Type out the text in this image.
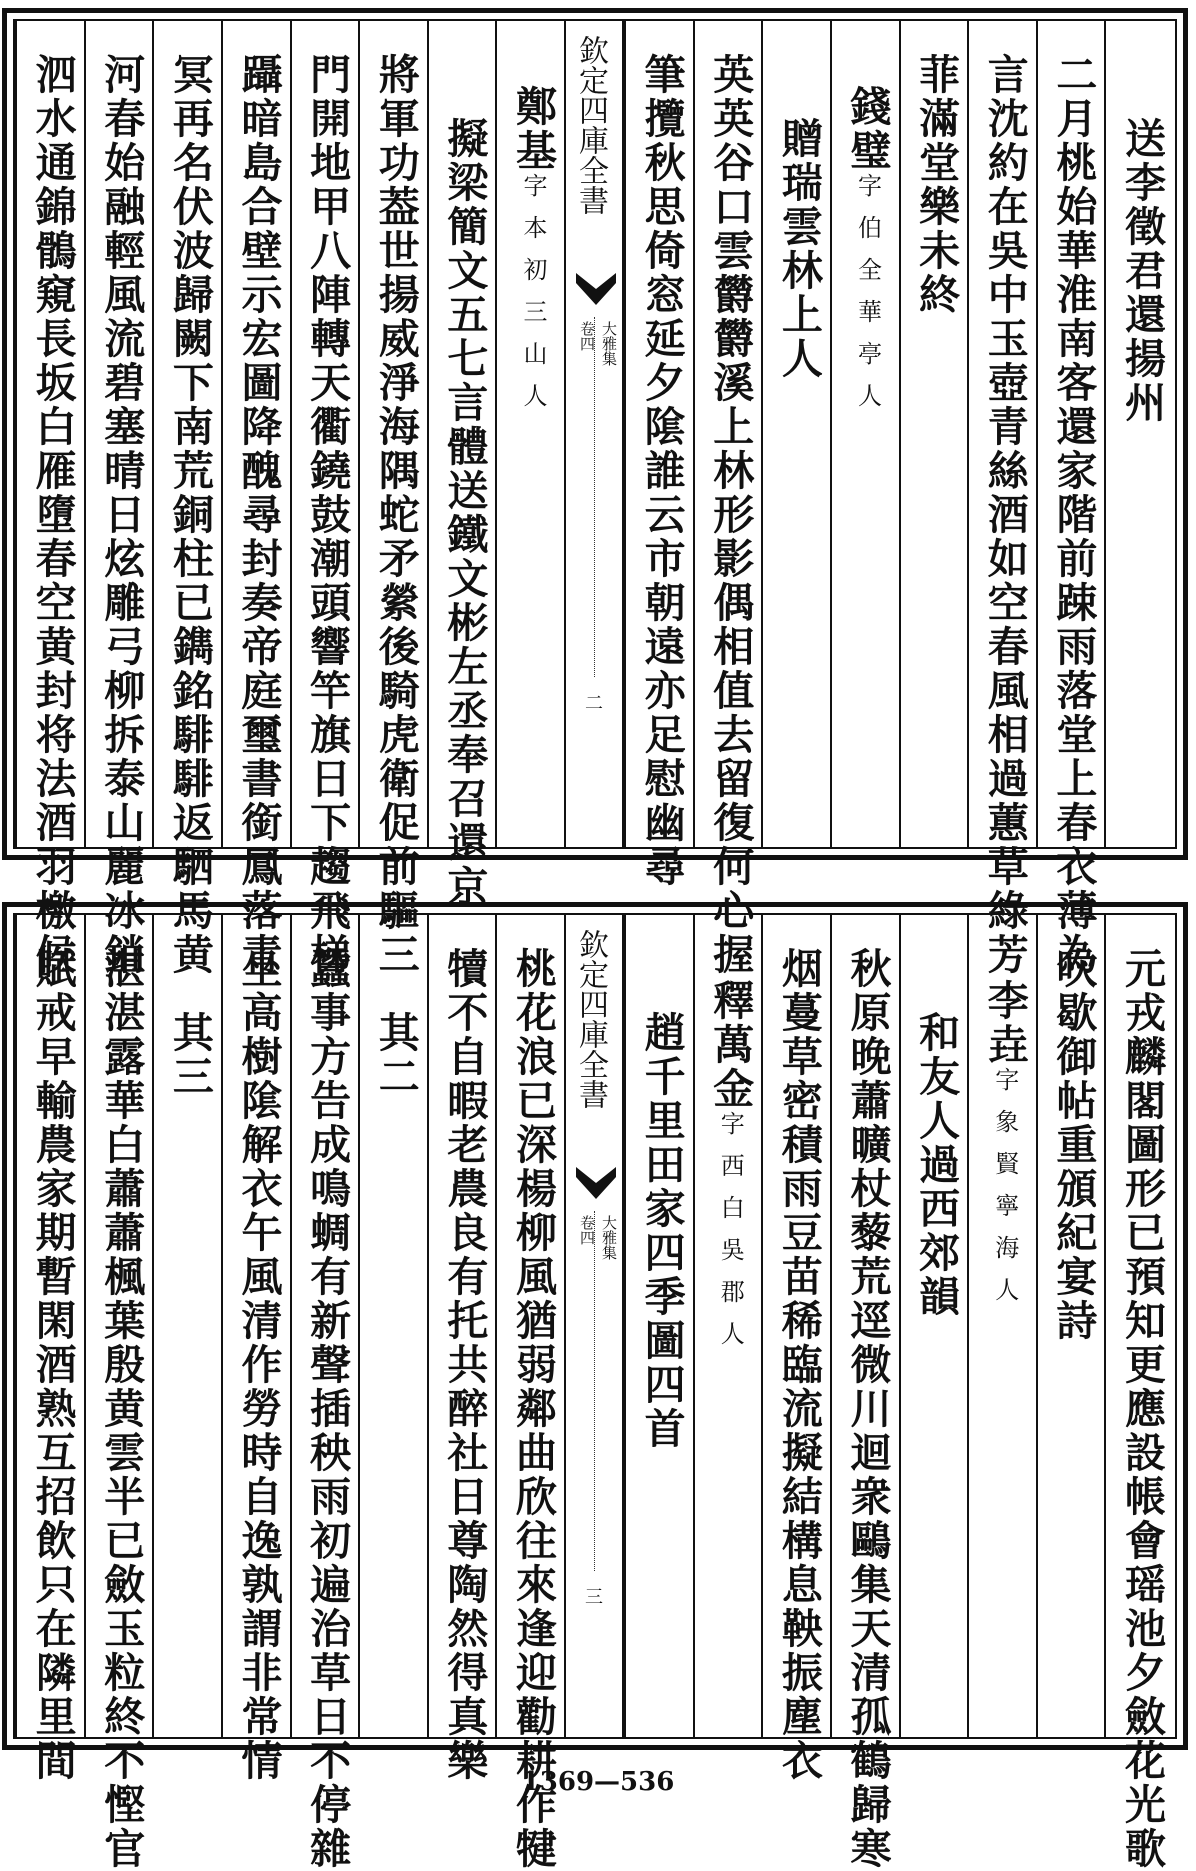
送李徵君還揚州
二月桃始華淮南客還家階前踈雨落堂上春衣薄為
言沈約在吳中玉壺青絲酒如空春風相過蕙草綠芳
菲滿堂樂未終
錢璧字伯全華亭人
贈瑞雲林上人
英英谷口雲欝欝溪上林形影偶相值去留復何心握
筆攬秋思倚窓延夕隂誰云市朝遠亦足慰幽尋
欽定四庫全書
大雅集
卷四
二
鄭基字本初三山人
擬梁簡文五七言體送鐵文彬左丞奉召還京
將軍功葢世揚威淨海隅蛇矛縈後騎虎衛促前驅三
門開地甲八陣轉天衢鐃鼓潮頭響竿旗日下趨飛梯
躡暗島合壁示宏圖降醜尋封奏帝庭璽書銜鳳落青
冥再名伏波歸闕下南荒銅柱已鐫銘騑騑返駟馬黄
河春始融輕風流碧塞晴日炫雕弓柳拆泰山麗冰銷
泗水通錦鶻窺長坂白雁墮春空黄封将法酒羽檄候
元戎麟閣圖形已預知更應設帳會瑶池夕斂花光歌
吹歇御帖重頒紀宴詩
李垚字象賢寧海人
和友人過西郊韻
秋原晚蕭曠杖藜荒逕微川迴衆鷗集天清孤鶴歸寒
烟蔓草密積雨豆苗稀臨流擬結構息鞅振塵衣
釋萬金字西白吳郡人
趙千里田家四季圖四首
欽定四庫全書
大雅集
卷四
三
桃花浪已深楊柳風猶弱鄰曲欣往來逢迎勸耕作犍
犢不自暇老農良有托共醉社日尊陶然得真樂
其二
蠶事方告成鳴蜩有新聲插秧雨初遍治草日不停雜
坐高樹隂解衣午風清作勞時自逸孰謂非常情
其三
湛湛露華白蕭蕭楓葉殷黄雲半已斂玉粒終不慳官
賦戒早輸農家期暫閑酒熟互招飲只在隣里間	1369—536
